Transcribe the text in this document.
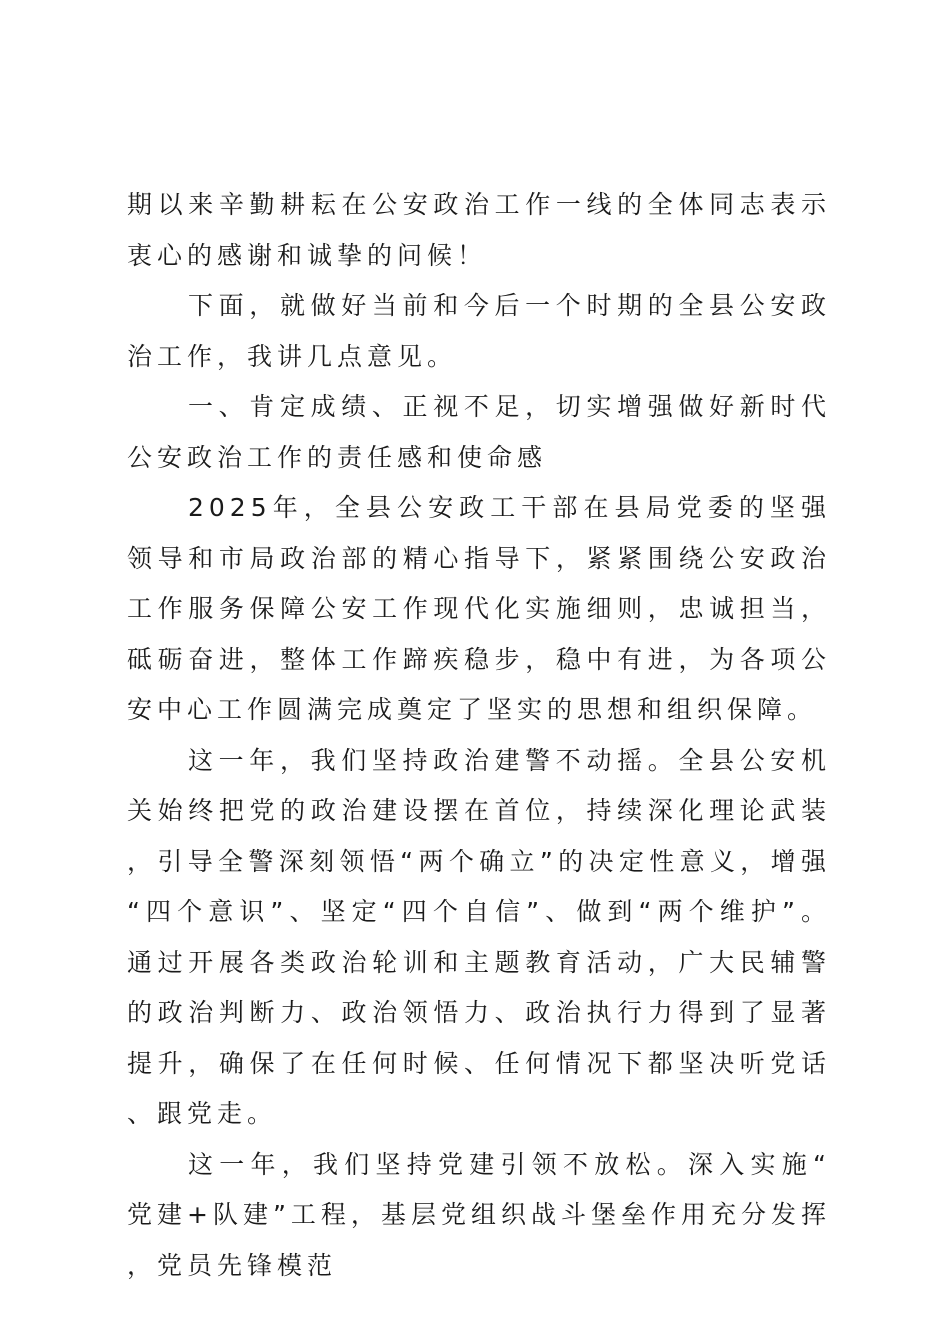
期以来辛勤耕耘在公安政治工作一线的全体同志表示衷心的感谢和诚挚的问候！

下面，就做好当前和今后一个时期的全县公安政治工作，我讲几点意见。

一、肯定成绩、正视不足，切实增强做好新时代公安政治工作的责任感和使命感

2025年，全县公安政工干部在县局党委的坚强领导和市局政治部的精心指导下，紧紧围绕公安政治工作服务保障公安工作现代化实施细则，忠诚担当，砥砺奋进，整体工作蹄疾稳步，稳中有进，为各项公安中心工作圆满完成奠定了坚实的思想和组织保障。

这一年，我们坚持政治建警不动摇。全县公安机关始终把党的政治建设摆在首位，持续深化理论武装，引导全警深刻领悟“两个确立”的决定性意义，增强“四个意识”、坚定“四个自信”、做到“两个维护”。通过开展各类政治轮训和主题教育活动，广大民辅警的政治判断力、政治领悟力、政治执行力得到了显著提升，确保了在任何时候、任何情况下都坚决听党话、跟党走。

这一年，我们坚持党建引领不放松。深入实施“党建+队建”工程，基层党组织战斗堡垒作用充分发挥，党员先锋模范
